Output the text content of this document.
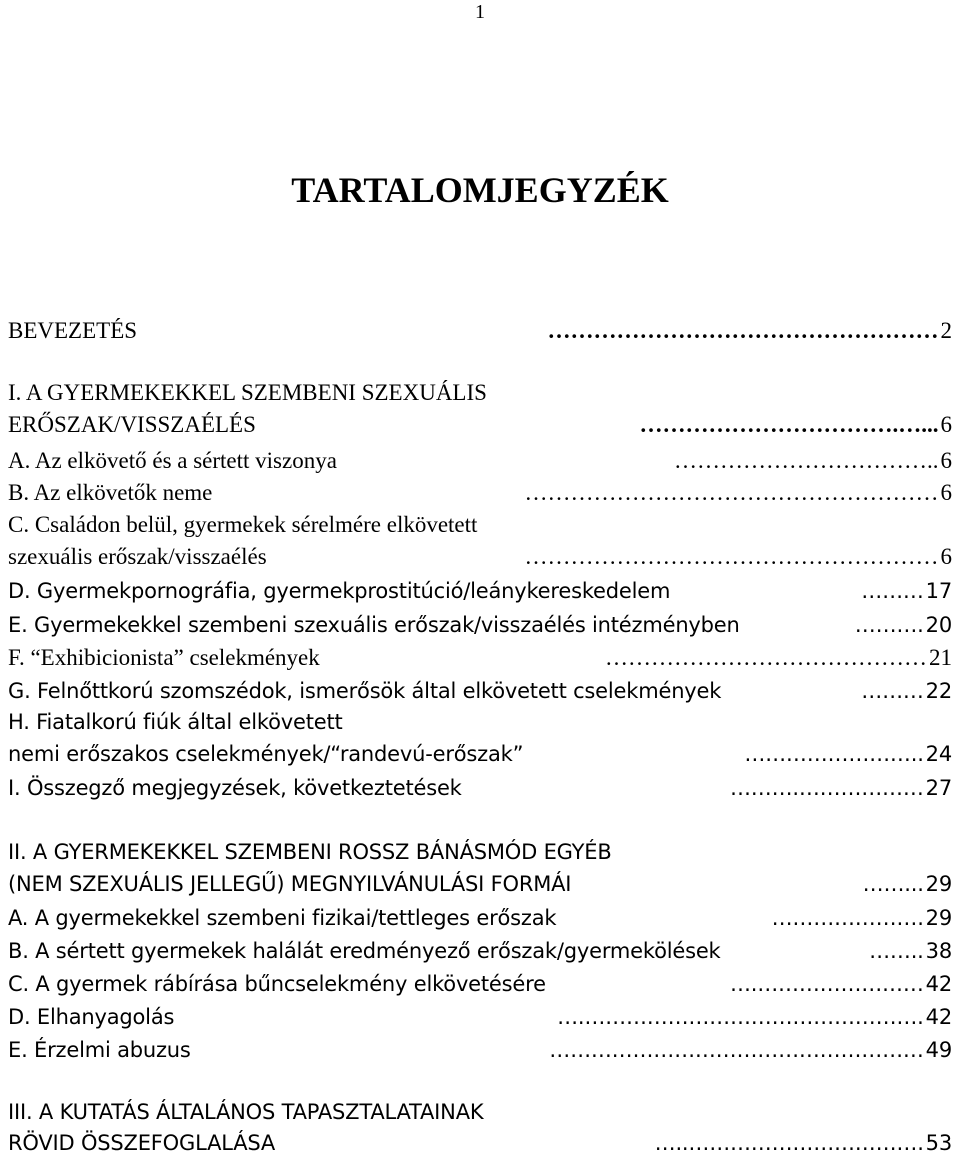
1
TARTALOMJEGYZÉK
BEVEZETÉS	…………………………………………… 2
I. A GYERMEKEKKEL SZEMBENI SZEXUÁLIS
ERŐSZAK/VISSZAÉLÉS	…………………………….…... 6
A. Az elkövető és a sértett viszonya	…………………………….. 6
B. Az elkövetők neme	……………………………………………… 6
C. Családon belül, gyermekek sérelmére elkövetett
szexuális erőszak/visszaélés	……………………………………………… 6
D. Gyermekpornográfia, gyermekprostitúció/leánykereskedelem	……… 17
E. Gyermekekkel szembeni szexuális erőszak/visszaélés intézményben	………. 20
F. “Exhibicionista” cselekmények	…………………………………… 21
G. Felnőttkorú szomszédok, ismerősök által elkövetett cselekmények	……… 22
H. Fiatalkorú fiúk által elkövetett
nemi erőszakos cselekmények/“randevú-erőszak”	…………………….. 24
I. Összegző megjegyzések, következtetések	……….……………… 27
II. A GYERMEKEKKEL SZEMBENI ROSSZ BÁNÁSMÓD EGYÉB
(NEM SZEXUÁLIS JELLEGŰ) MEGNYILVÁNULÁSI FORMÁI	……... 29
A. A gyermekekkel szembeni fizikai/tettleges erőszak	…………………. 29
B. A sértett gyermekek halálát eredményező erőszak/gyermekölések	…….. 38
C. A gyermek rábírása bűncselekmény elkövetésére	….…………………… 42
D. Elhanyagolás	….…………………………………………. 42
E. Érzelmi abuzus	……………………………………………… 49
III. A KUTATÁS ÁLTALÁNOS TAPASZTALATAINAK
RÖVID ÖSSZEFOGLALÁSA	…..……………………………. 53
